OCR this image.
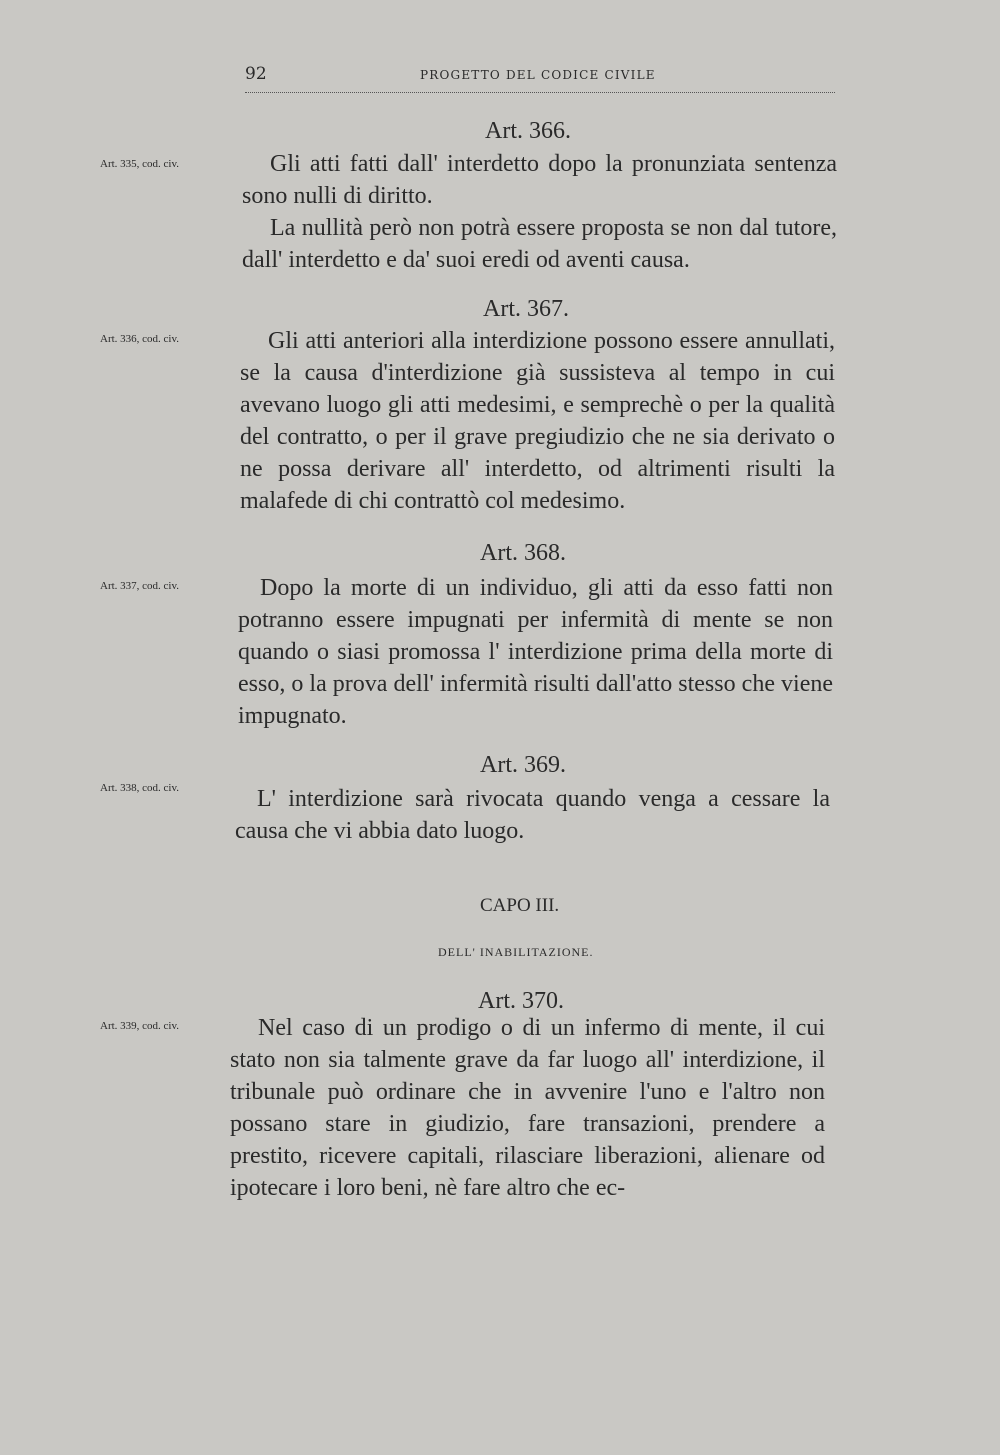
92	PROGETTO DEL CODICE CIVILE
Art. 366.
Art. 335, cod. civ.	Gli atti fatti dall' interdetto dopo la pronunziata sentenza sono nulli di diritto.
La nullità però non potrà essere proposta se non dal tutore, dall' interdetto e da' suoi eredi od aventi causa.
Art. 367.
Art. 336, cod. civ.	Gli atti anteriori alla interdizione possono essere annullati, se la causa d'interdizione già sussisteva al tempo in cui avevano luogo gli atti medesimi, e semprechè o per la qualità del contratto, o per il grave pregiudizio che ne sia derivato o ne possa derivare all' interdetto, od altrimenti risulti la malafede di chi contrattò col medesimo.
Art. 368.
Art. 337, cod. civ.	Dopo la morte di un individuo, gli atti da esso fatti non potranno essere impugnati per infermità di mente se non quando o siasi promossa l' interdizione prima della morte di esso, o la prova dell' infermità risulti dall'atto stesso che viene impugnato.
Art. 369.
Art. 338, cod. civ.	L' interdizione sarà rivocata quando venga a cessare la causa che vi abbia dato luogo.
CAPO III.
DELL' INABILITAZIONE.
Art. 370.
Art. 339, cod. civ.	Nel caso di un prodigo o di un infermo di mente, il cui stato non sia talmente grave da far luogo all' interdizione, il tribunale può ordinare che in avvenire l'uno e l'altro non possano stare in giudizio, fare transazioni, prendere a prestito, ricevere capitali, rilasciare liberazioni, alienare od ipotecare i loro beni, nè fare altro che ec-
